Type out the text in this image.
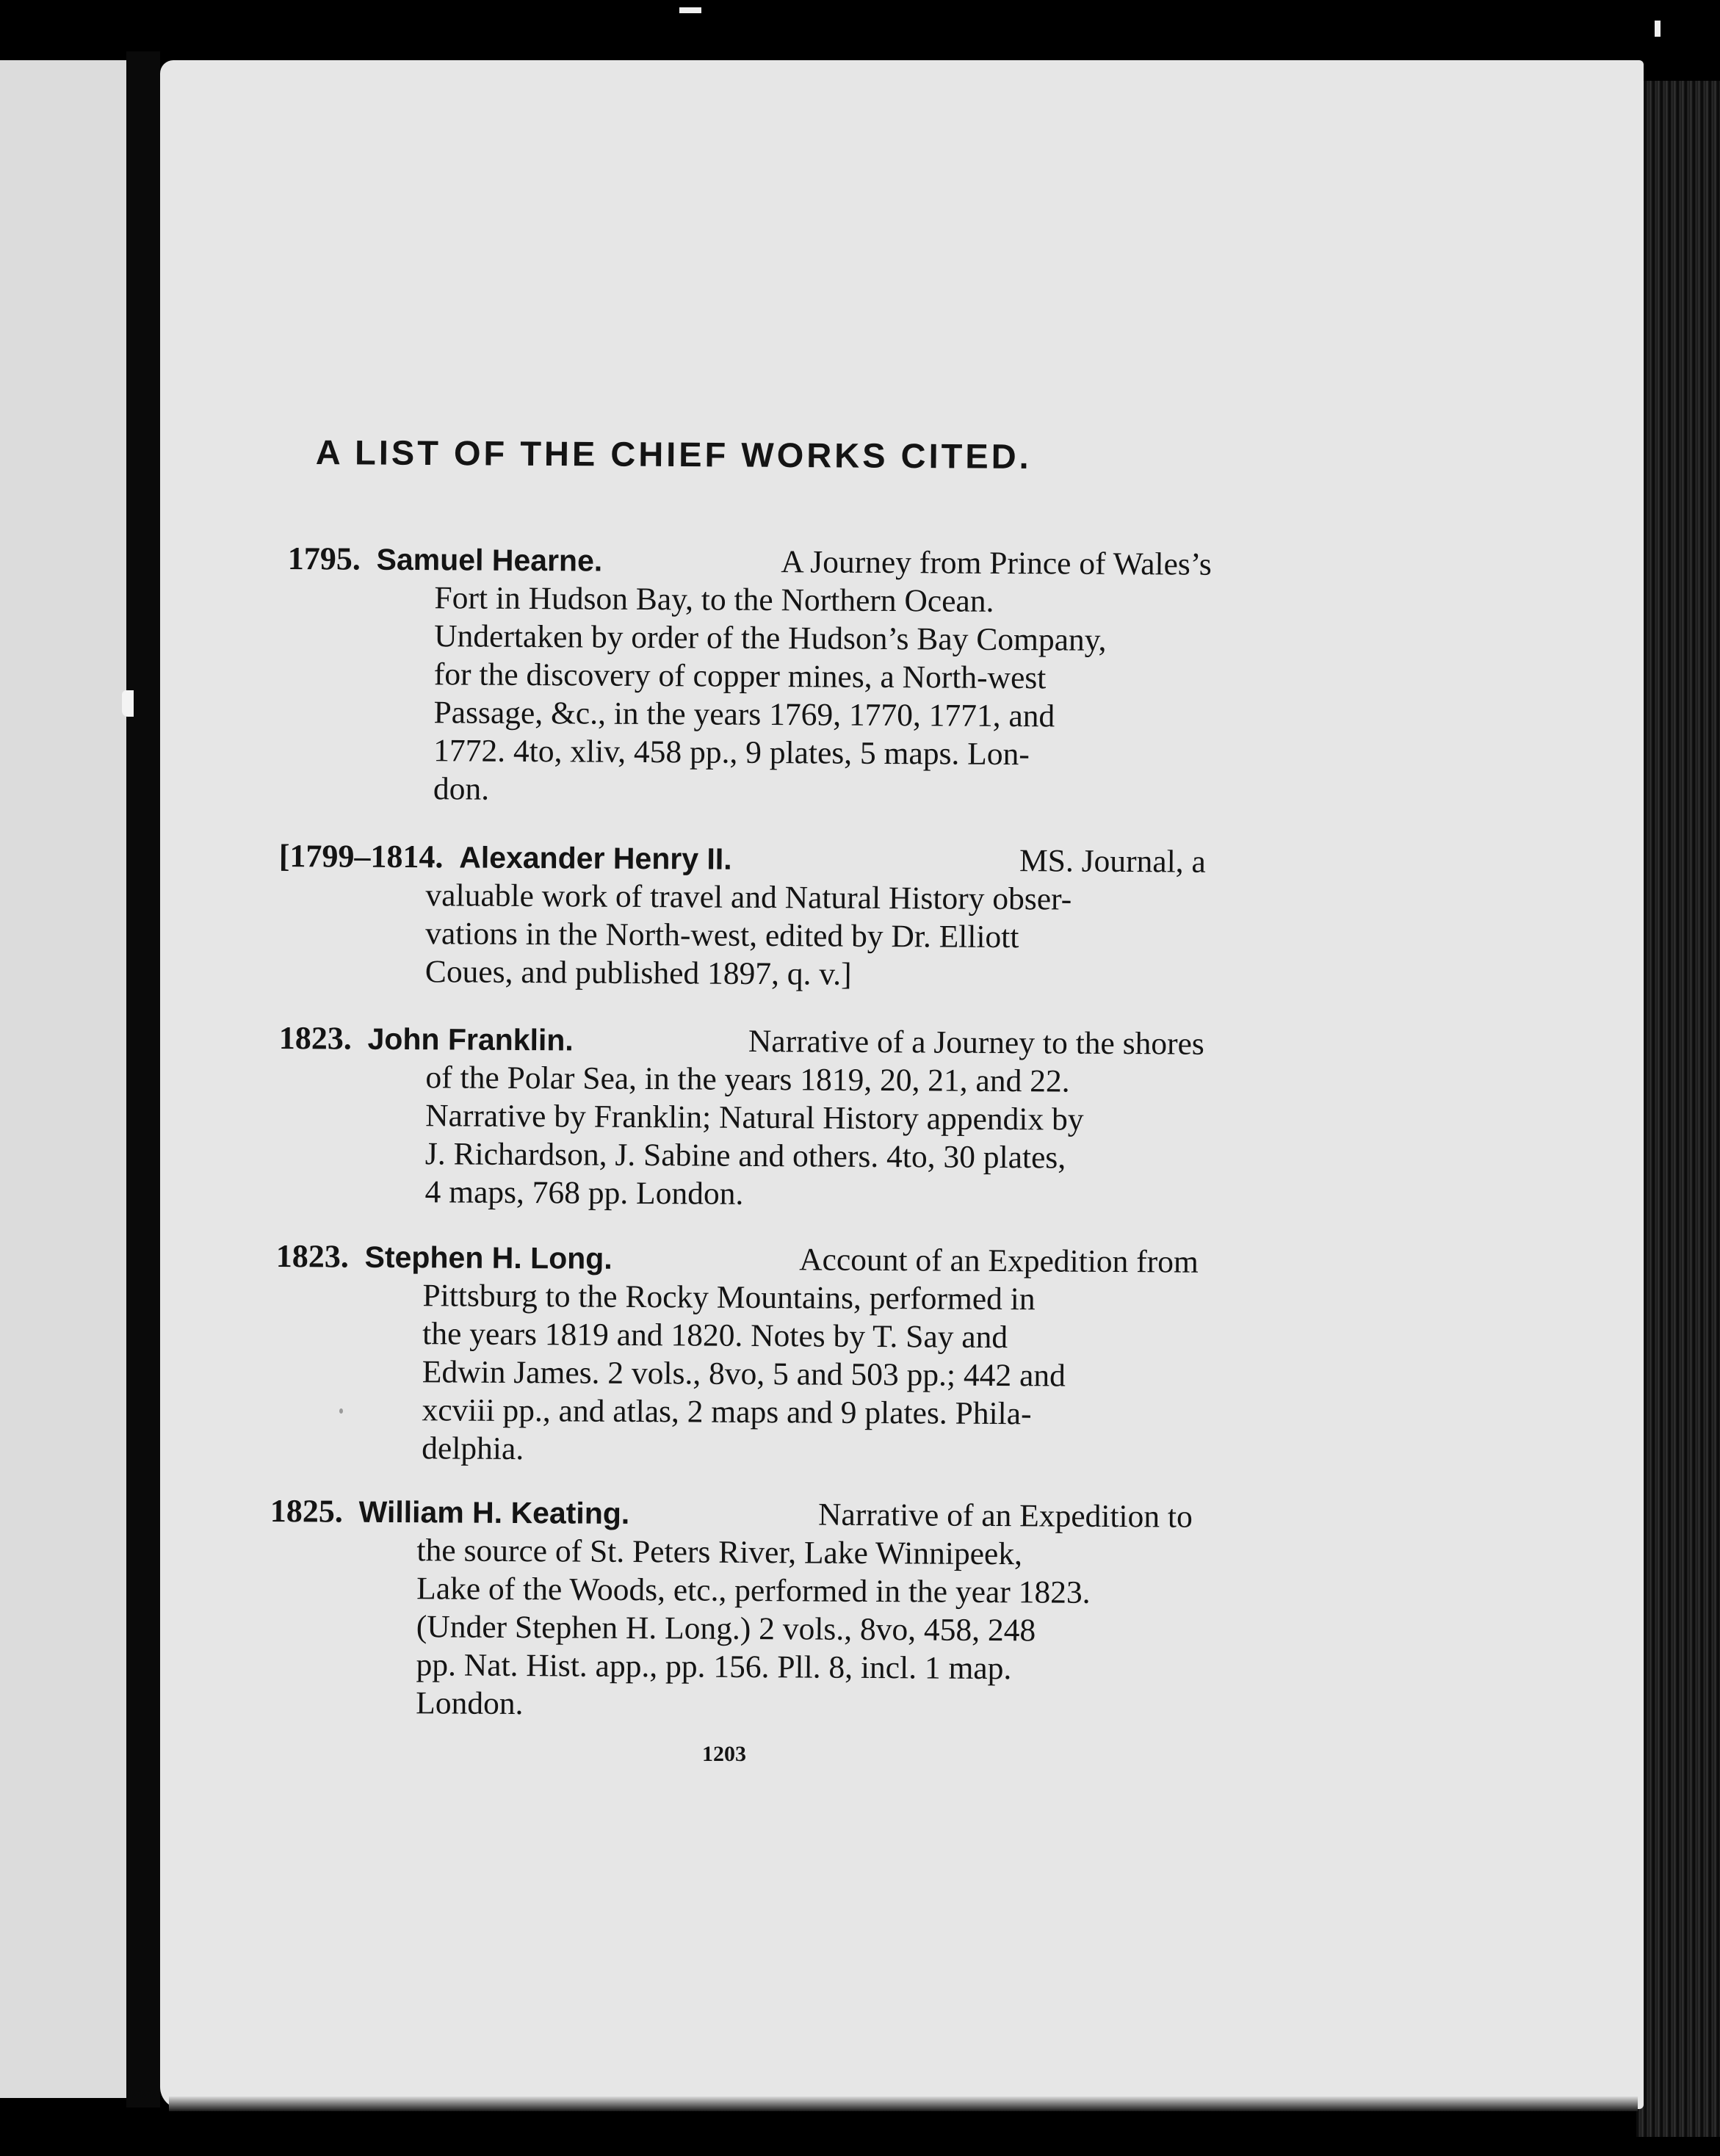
A LIST OF THE CHIEF WORKS CITED.
1795. Samuel Hearne.	A Journey from Prince of Wales’s
Fort in Hudson Bay, to the Northern Ocean.
Undertaken by order of the Hudson’s Bay Company,
for the discovery of copper mines, a North-west
Passage, &c., in the years 1769, 1770, 1771, and
1772. 4to, xliv, 458 pp., 9 plates, 5 maps. Lon-
don.
[1799–1814. Alexander Henry II.	MS. Journal, a
valuable work of travel and Natural History obser-
vations in the North-west, edited by Dr. Elliott
Coues, and published 1897, q. v.]
1823. John Franklin.	Narrative of a Journey to the shores
of the Polar Sea, in the years 1819, 20, 21, and 22.
Narrative by Franklin; Natural History appendix by
J. Richardson, J. Sabine and others. 4to, 30 plates,
4 maps, 768 pp. London.
1823. Stephen H. Long.	Account of an Expedition from
Pittsburg to the Rocky Mountains, performed in
the years 1819 and 1820. Notes by T. Say and
Edwin James. 2 vols., 8vo, 5 and 503 pp.; 442 and
xcviii pp., and atlas, 2 maps and 9 plates. Phila-
delphia.
1825. William H. Keating.	Narrative of an Expedition to
the source of St. Peters River, Lake Winnipeek,
Lake of the Woods, etc., performed in the year 1823.
(Under Stephen H. Long.) 2 vols., 8vo, 458, 248
pp. Nat. Hist. app., pp. 156. Pll. 8, incl. 1 map.
London.

1203
